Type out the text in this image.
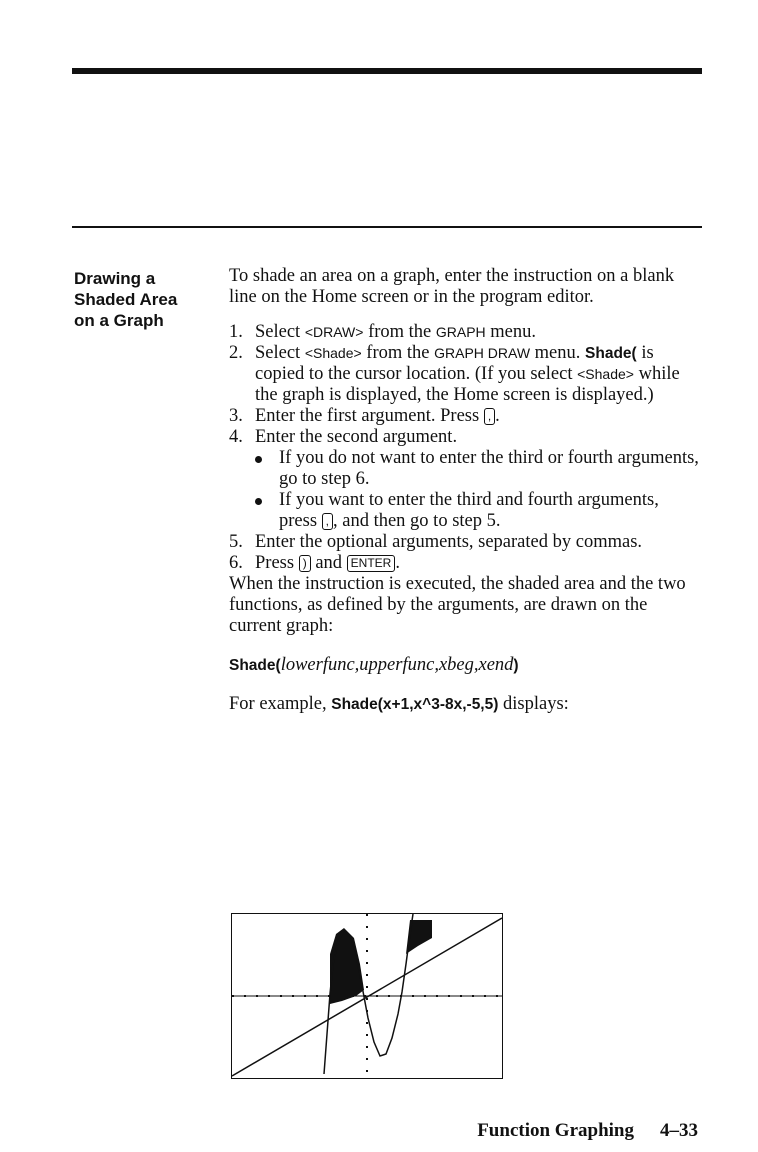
Drawing a
Shaded Area
on a Graph

To shade an area on a graph, enter the instruction on a blank line on the Home screen or in the program editor.

1. Select <DRAW> from the GRAPH menu.

2. Select <Shade> from the GRAPH DRAW menu. Shade( is copied to the cursor location. (If you select <Shade> while the graph is displayed, the Home screen is displayed.)

3. Enter the first argument. Press , .

4. Enter the second argument.

If you do not want to enter the third or fourth arguments, go to step 6.

If you want to enter the third and fourth arguments, press , , and then go to step 5.

5. Enter the optional arguments, separated by commas.

6. Press ) and ENTER .

When the instruction is executed, the shaded area and the two functions, as defined by the arguments, are drawn on the current graph:

Shade(lowerfunc,upperfunc,xbeg,xend)

For example, Shade(x+1,x^3-8x,-5,5) displays:

Function Graphing 4–33
